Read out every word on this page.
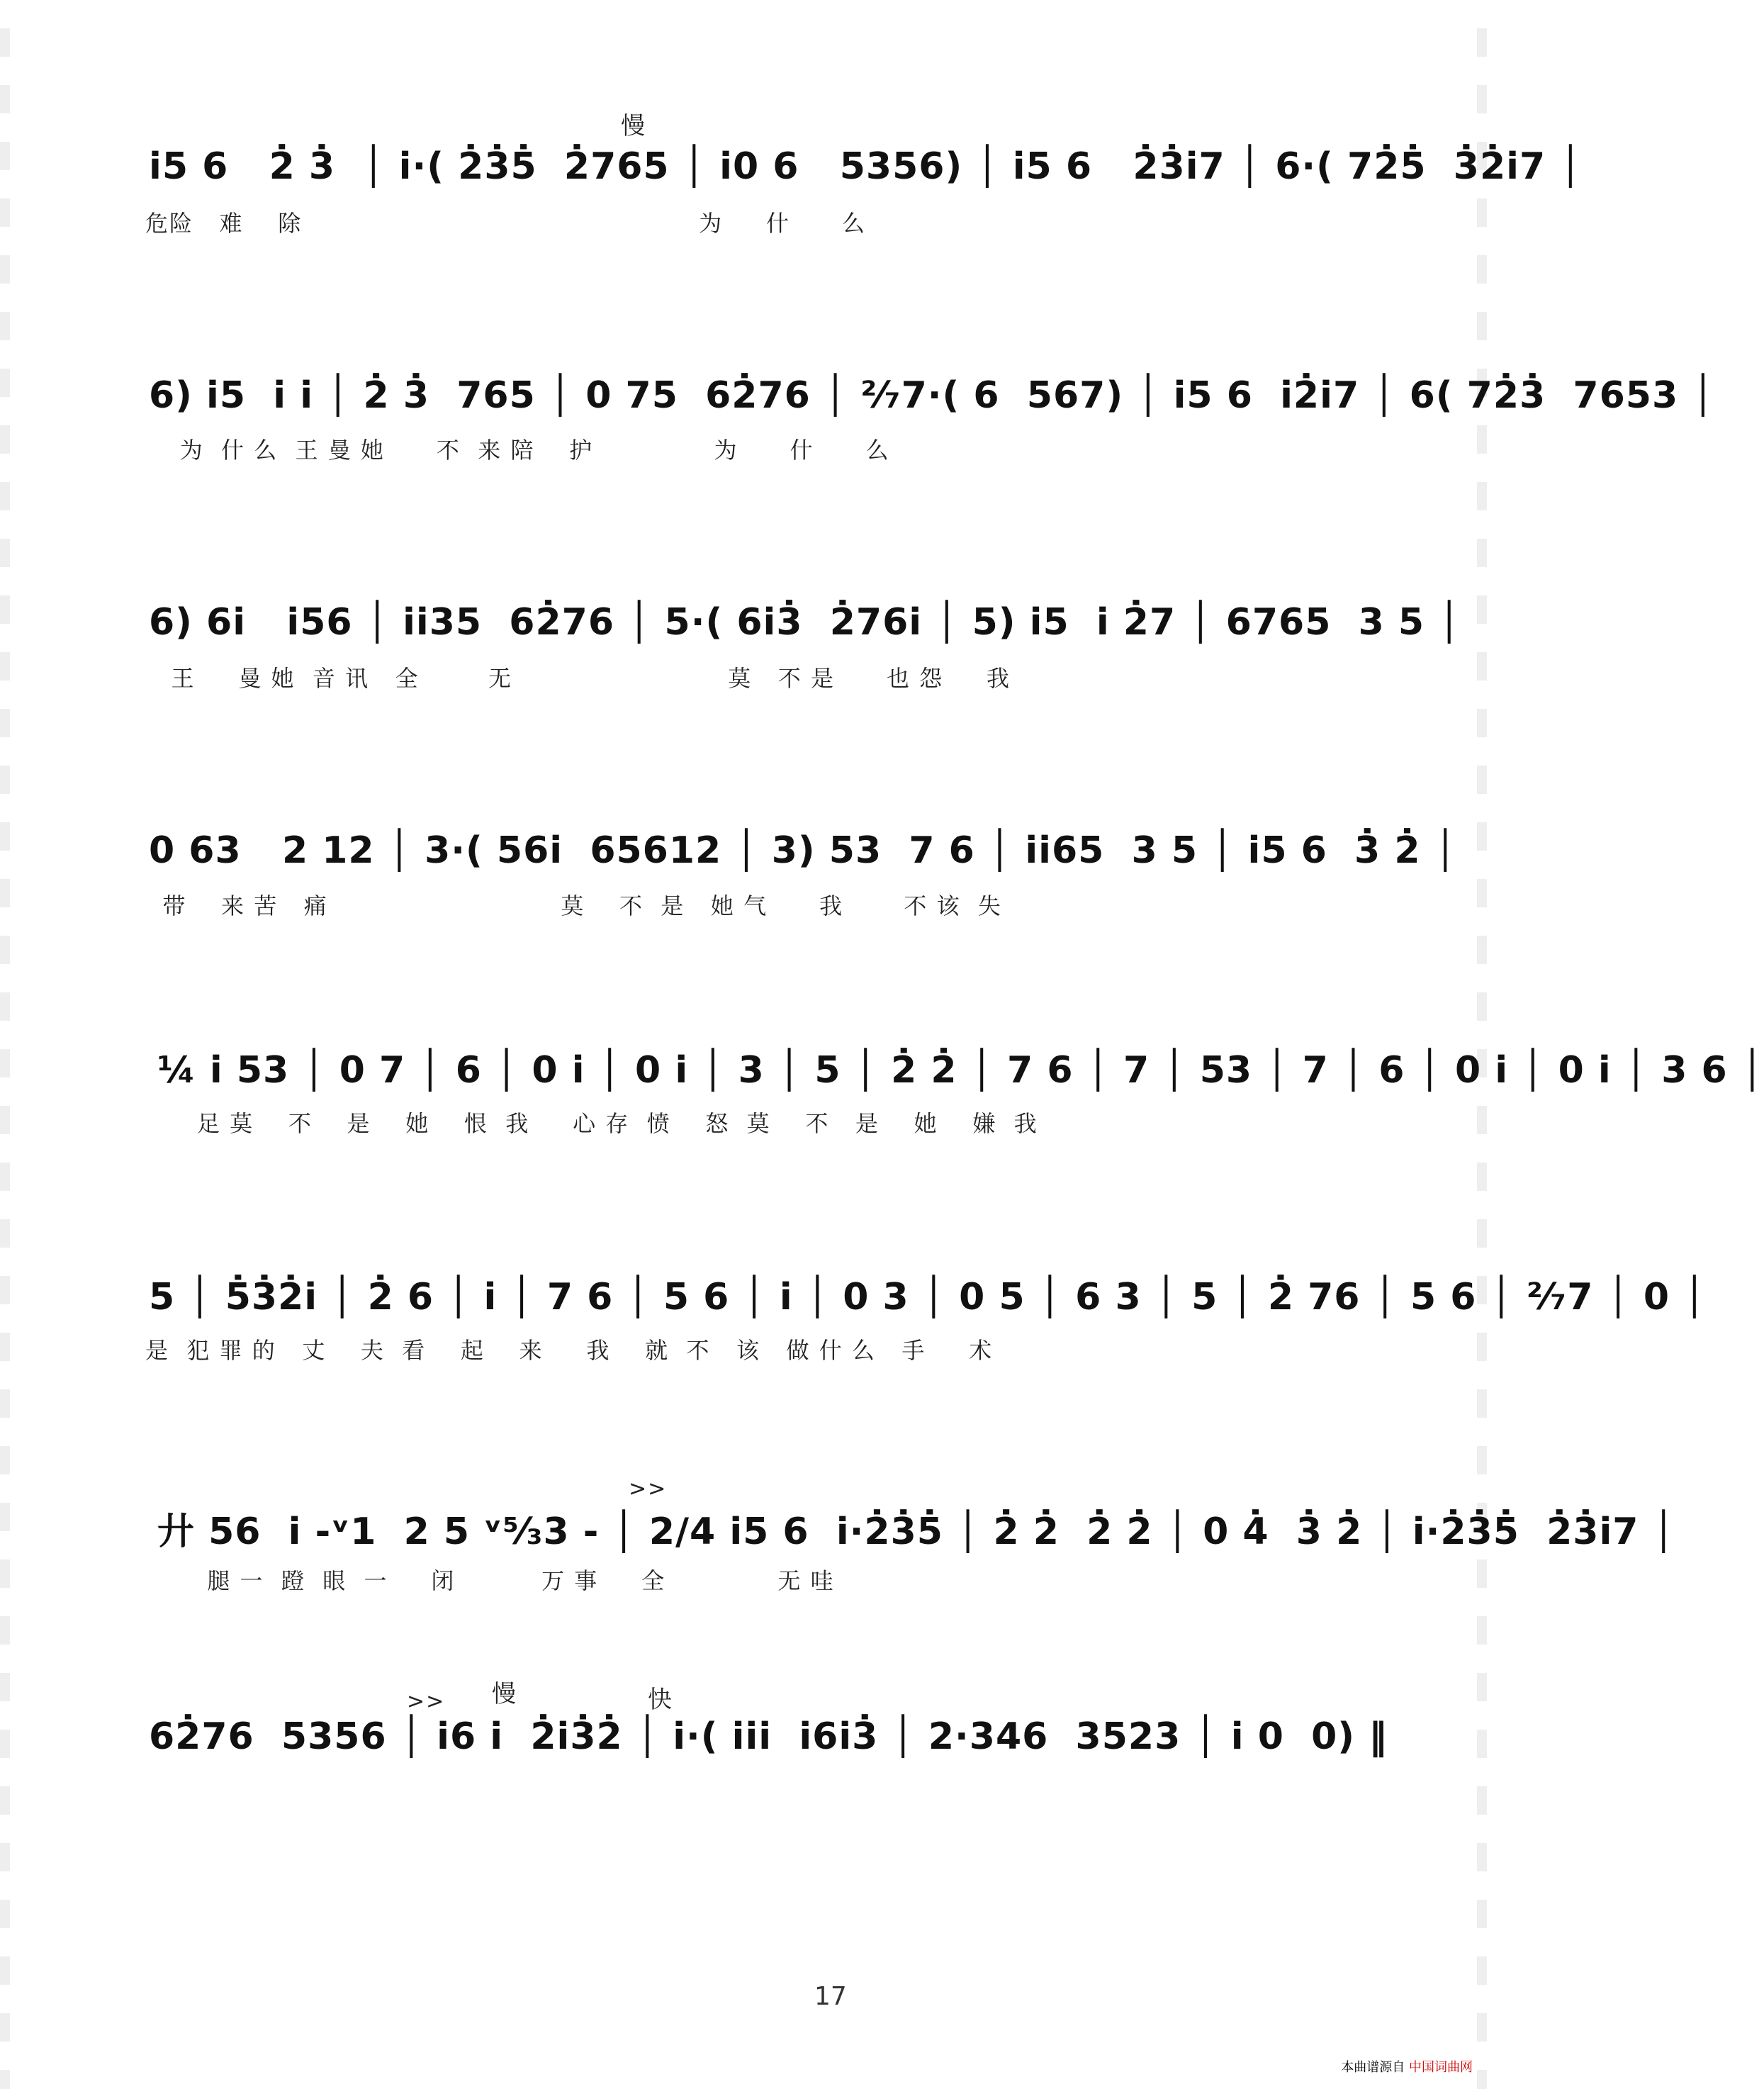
慢
i̇5 6   2̇ 3̇  │ i̇·( 2̇3̇5̇  2̇765 │ i̇0 6   5356) │ i̇5 6   2̇3̇i̇7 │ 6·( 72̇5̇  3̇2̇i̇7 │
危险   难    除                                              为     什      么
6) i̇5  i̇ i̇ │ 2̇ 3̇  765 │ 0 75  62̇76 │ ²⁄₇7·( 6  567) │ i̇5 6  i̇2̇i̇7 │ 6( 72̇3̇  7653 │
为  什 么  王 曼 她      不  来 陪    护              为      什      么
6) 6i̇   i̇56 │ i̇i̇35  62̇76 │ 5·( 6i̇3̇  2̇76i̇ │ 5) i̇5  i̇ 2̇7 │ 6765  3 5 │
王     曼 她  音 讯   全        无                         莫   不 是      也 怨     我
0 63   2 12 │ 3·( 56i̇  65612 │ 3) 53  7 6 │ i̇i̇65  3 5 │ i̇5 6  3̇ 2̇ │
带    来 苦   痛                           莫    不  是   她 气      我       不 该  失
¼ i̇ 53 │ 0 7 │ 6 │ 0 i̇ │ 0 i̇ │ 3 │ 5 │ 2̇ 2̇ │ 7 6 │ 7 │ 53 │ 7 │ 6 │ 0 i̇ │ 0 i̇ │ 3 6 │
足 莫    不    是    她    恨  我     心 存  愤    怒  莫    不   是    她    嫌  我
5 │ 5̇3̇2̇i̇ │ 2̇ 6 │ i̇ │ 7 6 │ 5 6 │ i̇ │ 0 3 │ 0 5 │ 6 3 │ 5 │ 2̇ 76 │ 5 6 │ ²⁄₇7 │ 0 │
是  犯 罪 的   丈    夫  看    起    来     我    就  不   该   做 什 么   手     术
廾 56  i̇ -ᵛ1  2 5 ᵛ⁵⁄₃3 - │ 2/4 i̇5 6  i̇·2̇3̇5̇ │ 2̇ 2̇  2̇ 2̇ │ 0 4̇  3̇ 2̇ │ i̇·2̇3̇5̇  2̇3̇i̇7 │
腿 一  蹬  眼  一     闭          万 事     全             无 哇
>>
慢	快
>>
62̇76  5356 │ i̇6 i̇  2̇i̇3̇2̇ │ i̇·( i̇i̇i̇  i̇6i̇3̇ │ 2·346  3523 │ i̇ 0  0) ‖
17
本曲谱源自 中国词曲网
